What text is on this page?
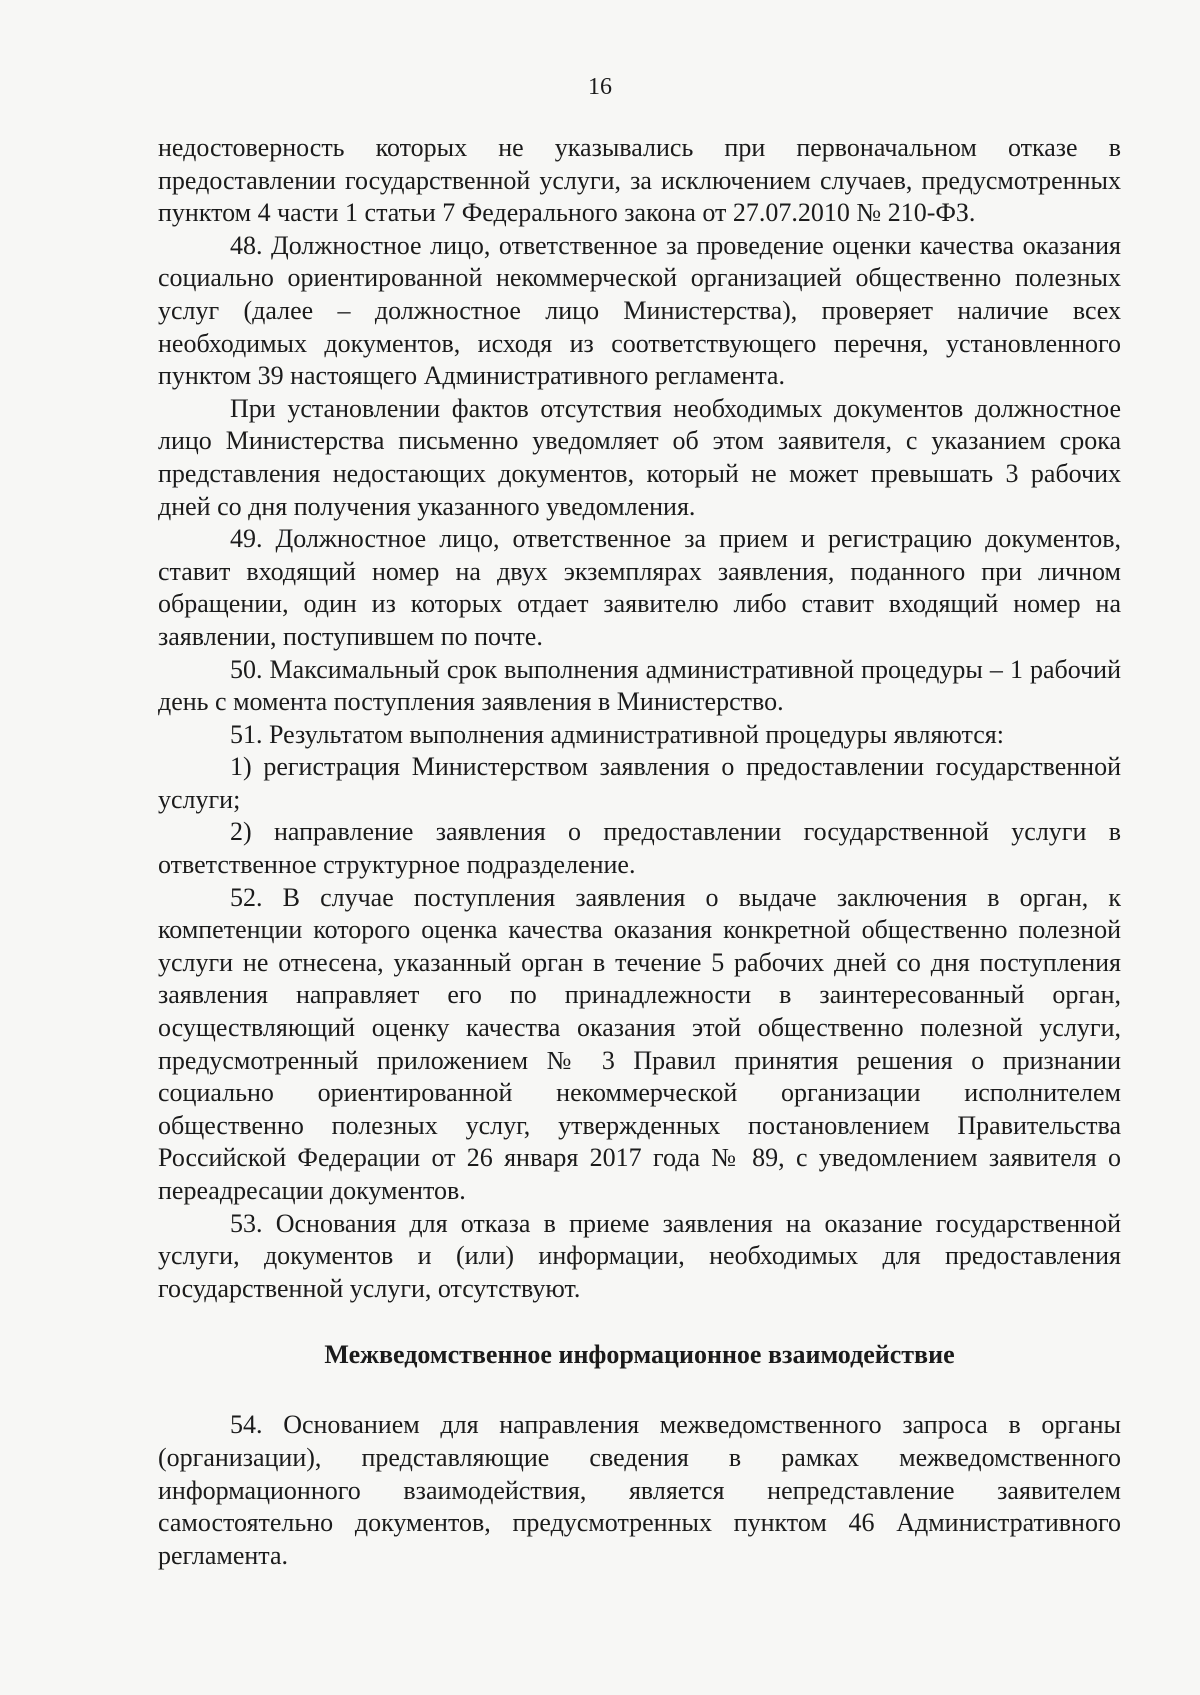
16

недостоверность которых не указывались при первоначальном отказе в предоставлении государственной услуги, за исключением случаев, предусмотренных пунктом 4 части 1 статьи 7 Федерального закона от 27.07.2010 № 210-ФЗ.

48. Должностное лицо, ответственное за проведение оценки качества оказания социально ориентированной некоммерческой организацией общественно полезных услуг (далее – должностное лицо Министерства), проверяет наличие всех необходимых документов, исходя из соответствующего перечня, установленного пунктом 39 настоящего Административного регламента.

При установлении фактов отсутствия необходимых документов должностное лицо Министерства письменно уведомляет об этом заявителя, с указанием срока представления недостающих документов, который не может превышать 3 рабочих дней со дня получения указанного уведомления.

49. Должностное лицо, ответственное за прием и регистрацию документов, ставит входящий номер на двух экземплярах заявления, поданного при личном обращении, один из которых отдает заявителю либо ставит входящий номер на заявлении, поступившем по почте.

50. Максимальный срок выполнения административной процедуры – 1 рабочий день с момента поступления заявления в Министерство.

51. Результатом выполнения административной процедуры являются:

1) регистрация Министерством заявления о предоставлении государственной услуги;

2) направление заявления о предоставлении государственной услуги в ответственное структурное подразделение.

52. В случае поступления заявления о выдаче заключения в орган, к компетенции которого оценка качества оказания конкретной общественно полезной услуги не отнесена, указанный орган в течение 5 рабочих дней со дня поступления заявления направляет его по принадлежности в заинтересованный орган, осуществляющий оценку качества оказания этой общественно полезной услуги, предусмотренный приложением № 3 Правил принятия решения о признании социально ориентированной некоммерческой организации исполнителем общественно полезных услуг, утвержденных постановлением Правительства Российской Федерации от 26 января 2017 года № 89, с уведомлением заявителя о переадресации документов.

53. Основания для отказа в приеме заявления на оказание государственной услуги, документов и (или) информации, необходимых для предоставления государственной услуги, отсутствуют.

Межведомственное информационное взаимодействие

54. Основанием для направления межведомственного запроса в органы (организации), представляющие сведения в рамках межведомственного информационного взаимодействия, является непредставление заявителем самостоятельно документов, предусмотренных пунктом 46 Административного регламента.
